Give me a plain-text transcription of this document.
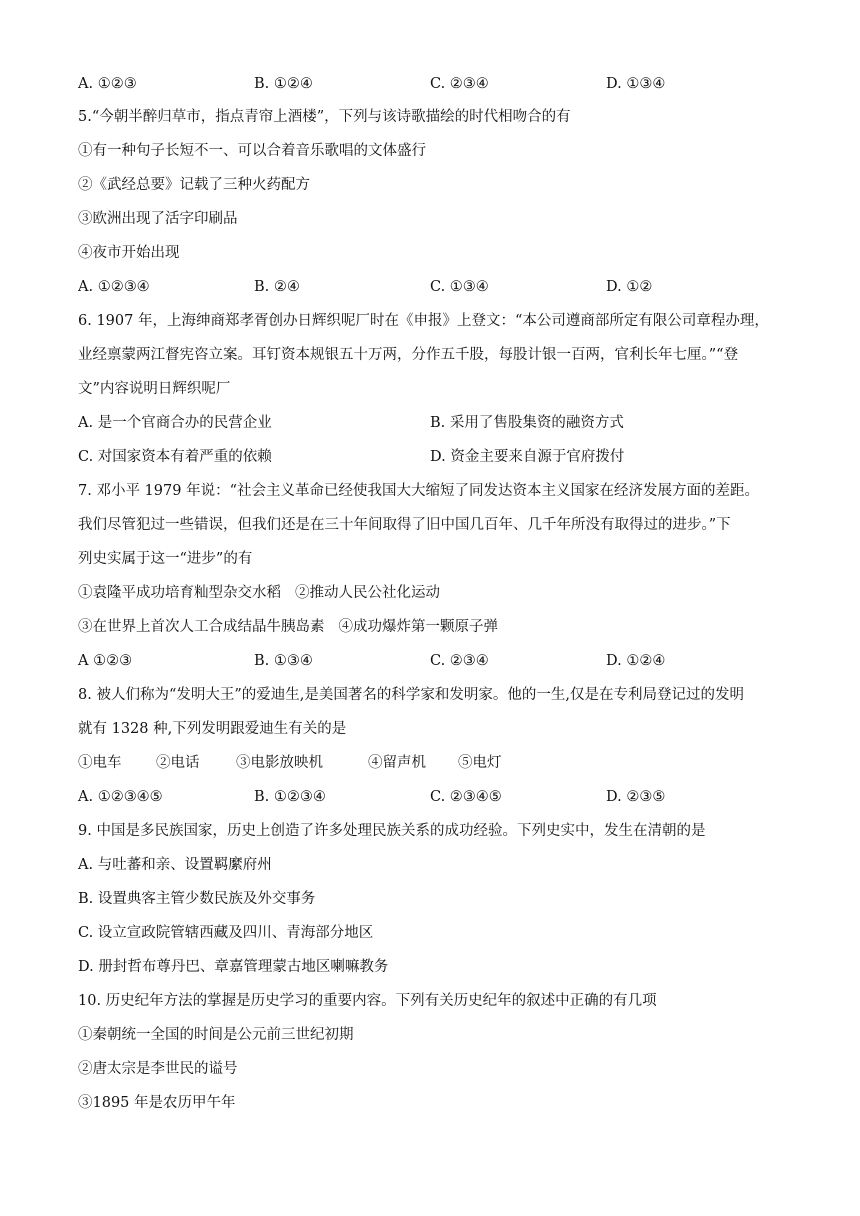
A. ①②③	B. ①②④	C. ②③④	D. ①③④
5.“今朝半醉归草市，指点青帘上酒楼”，下列与该诗歌描绘的时代相吻合的有
①有一种句子长短不一、可以合着音乐歌唱的文体盛行
②《武经总要》记载了三种火药配方
③欧洲出现了活字印刷品
④夜市开始出现
A. ①②③④	B. ②④	C. ①③④	D. ①②
6. 1907 年，上海绅商郑孝胥创办日辉织呢厂时在《申报》上登文：“本公司遵商部所定有限公司章程办理，
业经禀蒙两江督宪咨立案。耳钉资本规银五十万两，分作五千股，每股计银一百两，官利长年七厘。”“登
文”内容说明日辉织呢厂
A. 是一个官商合办的民营企业	B. 采用了售股集资的融资方式
C. 对国家资本有着严重的依赖	D. 资金主要来自源于官府拨付
7. 邓小平 1979 年说：“社会主义革命已经使我国大大缩短了同发达资本主义国家在经济发展方面的差距。
我们尽管犯过一些错误，但我们还是在三十年间取得了旧中国几百年、几千年所没有取得过的进步。”下
列史实属于这一“进步”的有
①袁隆平成功培育籼型杂交水稻 ②推动人民公社化运动
③在世界上首次人工合成结晶牛胰岛素 ④成功爆炸第一颗原子弹
A ①②③	B. ①③④	C. ②③④	D. ①②④
8. 被人们称为“发明大王”的爱迪生,是美国著名的科学家和发明家。他的一生,仅是在专利局登记过的发明
就有 1328 种,下列发明跟爱迪生有关的是
①电车 ②电话	③电影放映机	④留声机 ⑤电灯
A. ①②③④⑤	B. ①②③④	C. ②③④⑤	D. ②③⑤
9. 中国是多民族国家，历史上创造了许多处理民族关系的成功经验。下列史实中，发生在清朝的是
A. 与吐蕃和亲、设置羁縻府州
B. 设置典客主管少数民族及外交事务
C. 设立宣政院管辖西藏及四川、青海部分地区
D. 册封哲布尊丹巴、章嘉管理蒙古地区喇嘛教务
10. 历史纪年方法的掌握是历史学习的重要内容。下列有关历史纪年的叙述中正确的有几项
①秦朝统一全国的时间是公元前三世纪初期
②唐太宗是李世民的谥号
③1895 年是农历甲午年
